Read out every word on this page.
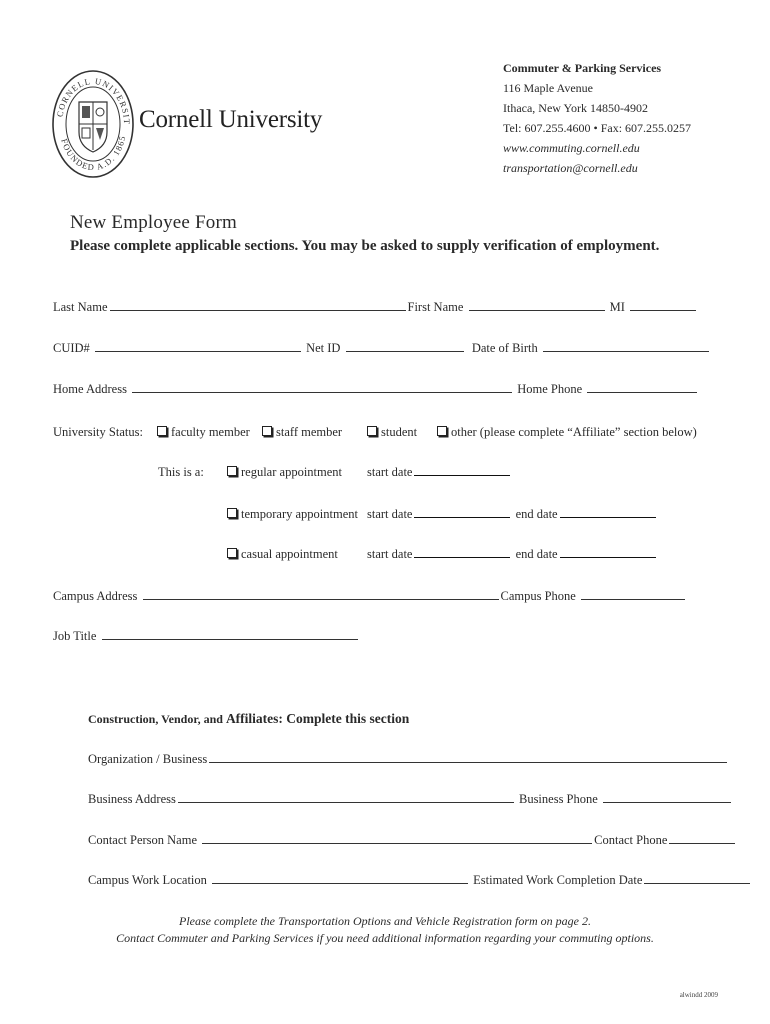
CORNELL UNIVERSIT
FOUNDED A.D. 1865
Cornell University
Commuter & Parking Services
116 Maple Avenue
Ithaca, New York 14850-4902
Tel: 607.255.4600 • Fax: 607.255.0257
www.commuting.cornell.edu
transportation@cornell.edu
New Employee Form
Please complete applicable sections. You may be asked to supply verification of employment.
Last Name	First Name	MI
CUID#	Net ID	Date of Birth
Home Address	Home Phone
University Status:	faculty member	staff member	student	other (please complete “Affiliate” section below)
This is a:	regular appointment start date
temporary appointment start date	end date
casual appointment start date	end date
Campus Address	Campus Phone
Job Title
Construction, Vendor, and Affiliates: Complete this section
Organization / Business
Business Address	Business Phone
Contact Person Name	Contact Phone
Campus Work Location	Estimated Work Completion Date
Please complete the Transportation Options and Vehicle Registration form on page 2.
Contact Commuter and Parking Services if you need additional information regarding your commuting options.
alwindd 2009
